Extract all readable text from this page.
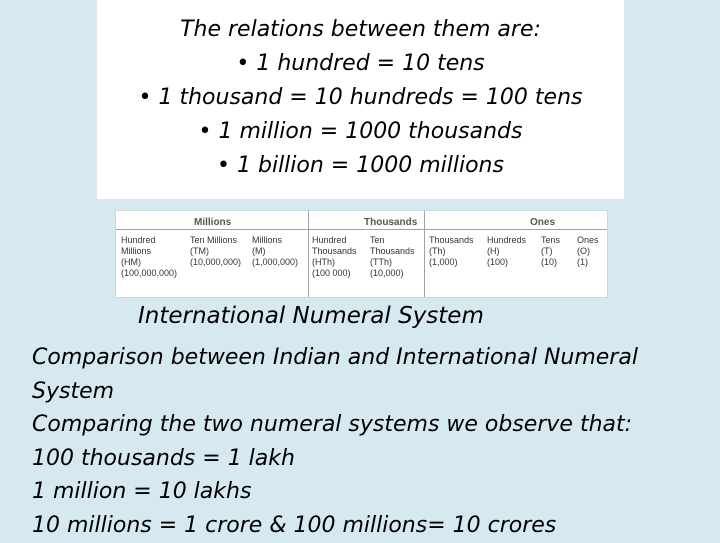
The relations between them are:
• 1 hundred = 10 tens
• 1 thousand = 10 hundreds = 100 tens
• 1 million = 1000 thousands
• 1 billion = 1000 millions
Millions	Thousands	Ones
Hundred
Millions
(HM)
(100,000,000)
Ten Millions
(TM)
(10,000,000)
Millions
(M)
(1,000,000)
Hundred
Thousands
(HTh)
(100 000)
Ten
Thousands
(TTh)
(10,000)
Thousands
(Th)
(1,000)
Hundreds
(H)
(100)
Tens
(T)
(10)
Ones
(O)
(1)
International Numeral System
Comparison between Indian and International Numeral
System
Comparing the two numeral systems we observe that:
100 thousands = 1 lakh
1 million = 10 lakhs
10 millions = 1 crore & 100 millions= 10 crores
